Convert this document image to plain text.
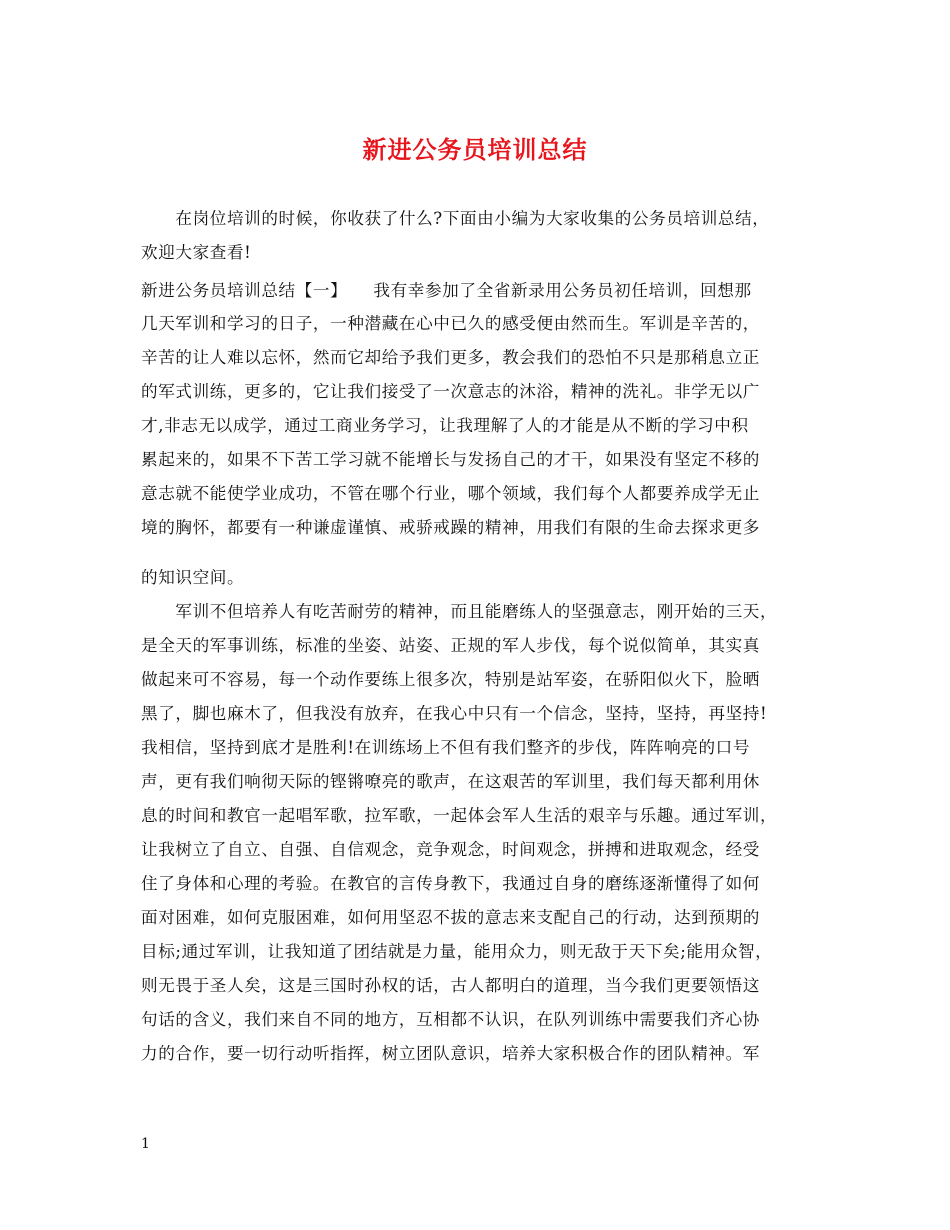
新进公务员培训总结
　　在岗位培训的时候，你收获了什么?下面由小编为大家收集的公务员培训总结，
欢迎大家查看!
新进公务员培训总结【一】　　我有幸参加了全省新录用公务员初任培训，回想那
几天军训和学习的日子，一种潜藏在心中已久的感受便由然而生。军训是辛苦的，
辛苦的让人难以忘怀，然而它却给予我们更多，教会我们的恐怕不只是那稍息立正
的军式训练，更多的，它让我们接受了一次意志的沐浴，精神的洗礼。非学无以广
才,非志无以成学，通过工商业务学习，让我理解了人的才能是从不断的学习中积
累起来的，如果不下苦工学习就不能增长与发扬自己的才干，如果没有坚定不移的
意志就不能使学业成功，不管在哪个行业，哪个领域，我们每个人都要养成学无止
境的胸怀，都要有一种谦虚谨慎、戒骄戒躁的精神，用我们有限的生命去探求更多
的知识空间。
　　军训不但培养人有吃苦耐劳的精神，而且能磨练人的坚强意志，刚开始的三天，
是全天的军事训练，标准的坐姿、站姿、正规的军人步伐，每个说似简单，其实真
做起来可不容易，每一个动作要练上很多次，特别是站军姿，在骄阳似火下，脸晒
黑了，脚也麻木了，但我没有放弃，在我心中只有一个信念，坚持，坚持，再坚持!
我相信，坚持到底才是胜利!在训练场上不但有我们整齐的步伐，阵阵响亮的口号
声，更有我们响彻天际的铿锵嘹亮的歌声，在这艰苦的军训里，我们每天都利用休
息的时间和教官一起唱军歌，拉军歌，一起体会军人生活的艰辛与乐趣。通过军训，
让我树立了自立、自强、自信观念，竞争观念，时间观念，拼搏和进取观念，经受
住了身体和心理的考验。在教官的言传身教下，我通过自身的磨练逐渐懂得了如何
面对困难，如何克服困难，如何用坚忍不拔的意志来支配自己的行动，达到预期的
目标;通过军训，让我知道了团结就是力量，能用众力，则无敌于天下矣;能用众智，
则无畏于圣人矣，这是三国时孙权的话，古人都明白的道理，当今我们更要领悟这
句话的含义，我们来自不同的地方，互相都不认识，在队列训练中需要我们齐心协
力的合作，要一切行动听指挥，树立团队意识，培养大家积极合作的团队精神。军
1
